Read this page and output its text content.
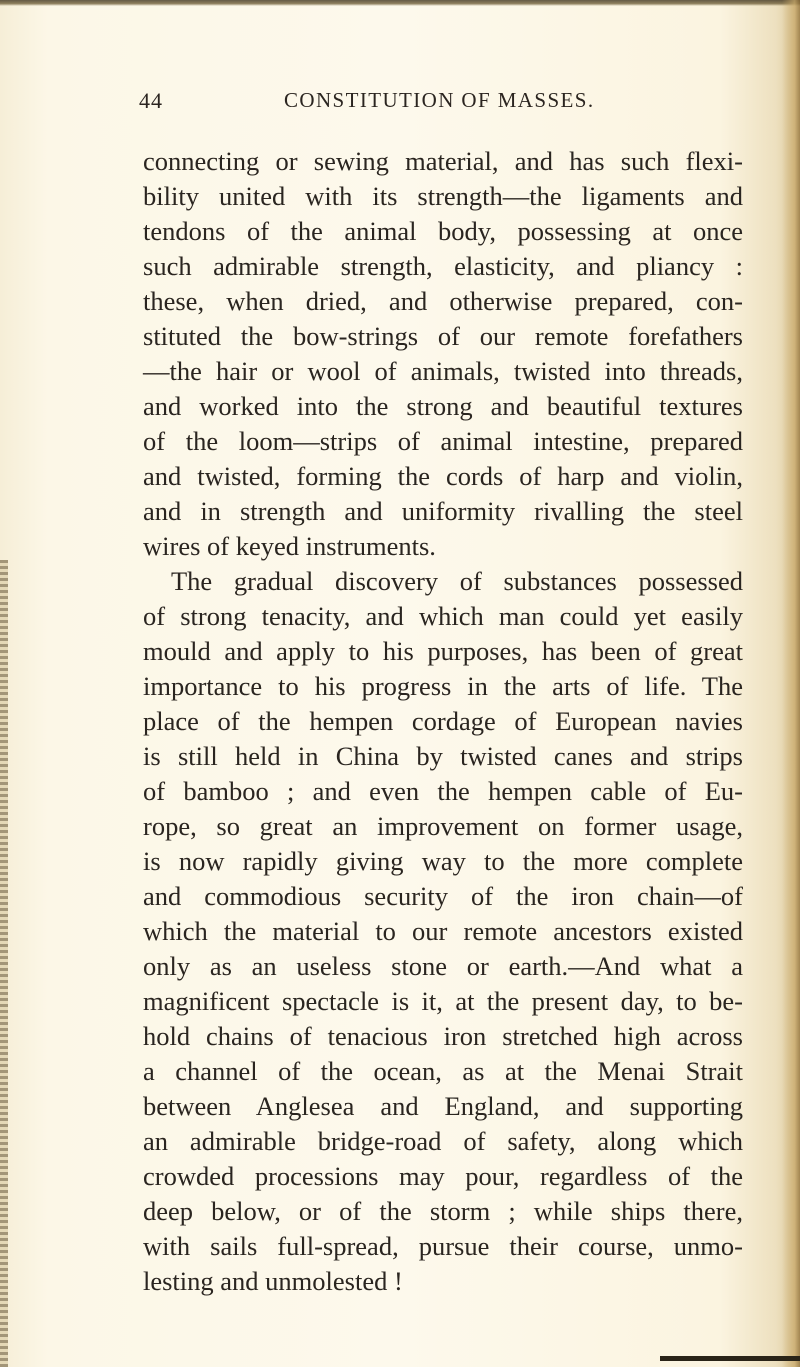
44	CONSTITUTION OF MASSES.
connecting or sewing material, and has such flexi-
bility united with its strength—the ligaments and
tendons of the animal body, possessing at once
such admirable strength, elasticity, and pliancy :
these, when dried, and otherwise prepared, con-
stituted the bow-strings of our remote forefathers
—the hair or wool of animals, twisted into threads,
and worked into the strong and beautiful textures
of the loom—strips of animal intestine, prepared
and twisted, forming the cords of harp and violin,
and in strength and uniformity rivalling the steel
wires of keyed instruments.
The gradual discovery of substances possessed
of strong tenacity, and which man could yet easily
mould and apply to his purposes, has been of great
importance to his progress in the arts of life. The
place of the hempen cordage of European navies
is still held in China by twisted canes and strips
of bamboo ; and even the hempen cable of Eu-
rope, so great an improvement on former usage,
is now rapidly giving way to the more complete
and commodious security of the iron chain—of
which the material to our remote ancestors existed
only as an useless stone or earth.—And what a
magnificent spectacle is it, at the present day, to be-
hold chains of tenacious iron stretched high across
a channel of the ocean, as at the Menai Strait
between Anglesea and England, and supporting
an admirable bridge-road of safety, along which
crowded processions may pour, regardless of the
deep below, or of the storm ; while ships there,
with sails full-spread, pursue their course, unmo-
lesting and unmolested !
